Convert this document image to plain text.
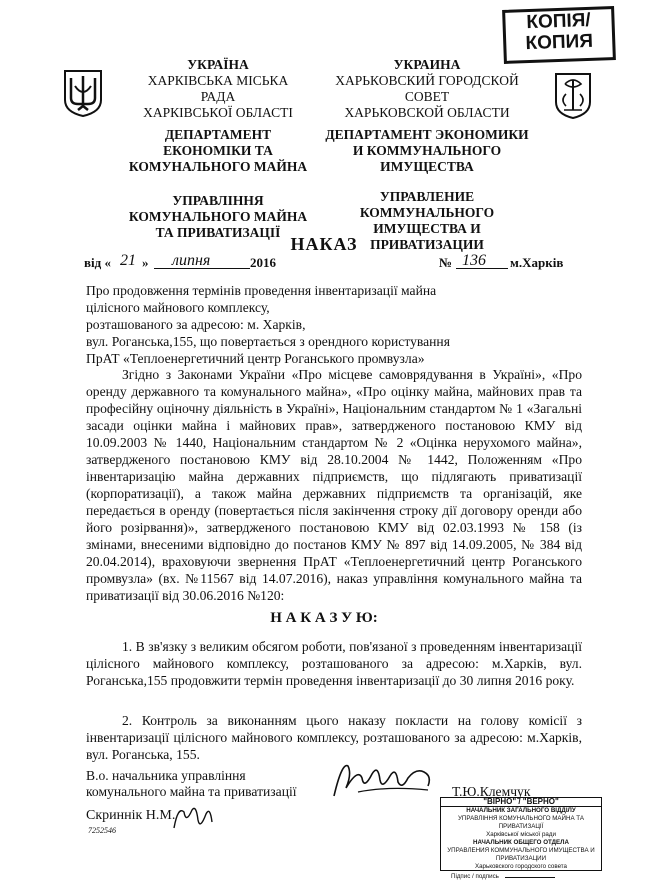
КОПІЯ/
КОПИЯ
УКРАЇНА
ХАРКІВСЬКА МІСЬКА
РАДА
ХАРКІВСЬКОЇ ОБЛАСТІ
ДЕПАРТАМЕНТ
ЕКОНОМІКИ ТА
КОМУНАЛЬНОГО МАЙНА
УПРАВЛІННЯ
КОМУНАЛЬНОГО МАЙНА
ТА ПРИВАТИЗАЦІЇ
УКРАИНА
ХАРЬКОВСКИЙ ГОРОДСКОЙ
СОВЕТ
ХАРЬКОВСКОЙ ОБЛАСТИ
ДЕПАРТАМЕНТ ЭКОНОМИКИ
И КОММУНАЛЬНОГО
ИМУЩЕСТВА
УПРАВЛЕНИЕ
КОММУНАЛЬНОГО
ИМУЩЕСТВА И
ПРИВАТИЗАЦИИ
НАКАЗ
від « 21 » липня	2016	№ 136 м.Харків
Про продовження термінів проведення інвентаризації майна
цілісного майнового комплексу,
розташованого за адресою: м. Харків,
вул. Роганська,155, що повертається з орендного користування
ПрАТ «Теплоенергетичний центр Роганського промвузла»
Згідно з Законами України «Про місцеве самоврядування в Україні», «Про оренду державного та комунального майна», «Про оцінку майна, майнових прав та професійну оціночну діяльність в Україні», Національним стандартом № 1 «Загальні засади оцінки майна і майнових прав», затвердженого постановою КМУ від 10.09.2003 № 1440, Національним стандартом № 2 «Оцінка нерухомого майна», затвердженого постановою КМУ від 28.10.2004 № 1442, Положенням «Про інвентаризацію майна державних підприємств, що підлягають приватизації (корпоратизації), а також майна державних підприємств та організацій, яке передається в оренду (повертається після закінчення строку дії договору оренди або його розірвання)», затвердженого постановою КМУ від 02.03.1993 № 158 (із змінами, внесеними відповідно до постанов КМУ № 897 від 14.09.2005, № 384 від 20.04.2014), враховуючи звернення ПрАТ «Теплоенергетичний центр Роганського промвузла» (вх. №11567 від 14.07.2016), наказ управління комунального майна та приватизації від 30.06.2016 №120:
Н А К А З У Ю:
1. В зв'язку з великим обсягом роботи, пов'язаної з проведенням інвентаризації цілісного майнового комплексу, розташованого за адресою: м.Харків, вул. Роганська,155 продовжити термін проведення інвентаризації до 30 липня 2016 року.
2. Контроль за виконанням цього наказу покласти на голову комісії з інвентаризації цілісного майнового комплексу, розташованого за адресою: м.Харків, вул. Роганська, 155.
В.о. начальника управління
комунального майна та приватизації	Т.Ю.Клемчук
Скриннік Н.М.
7252546
"ВІРНО" / "ВЕРНО"
НАЧАЛЬНИК ЗАГАЛЬНОГО ВІДДІЛУ
УПРАВЛІННЯ КОМУНАЛЬНОГО МАЙНА ТА ПРИВАТИЗАЦІЇ
Харківської міської ради
НАЧАЛЬНИК ОБЩЕГО ОТДЕЛА
УПРАВЛЕНИЯ КОММУНАЛЬНОГО ИМУЩЕСТВА И ПРИВАТИЗАЦИИ
Харьковского городского совета
Підпис / подпись
